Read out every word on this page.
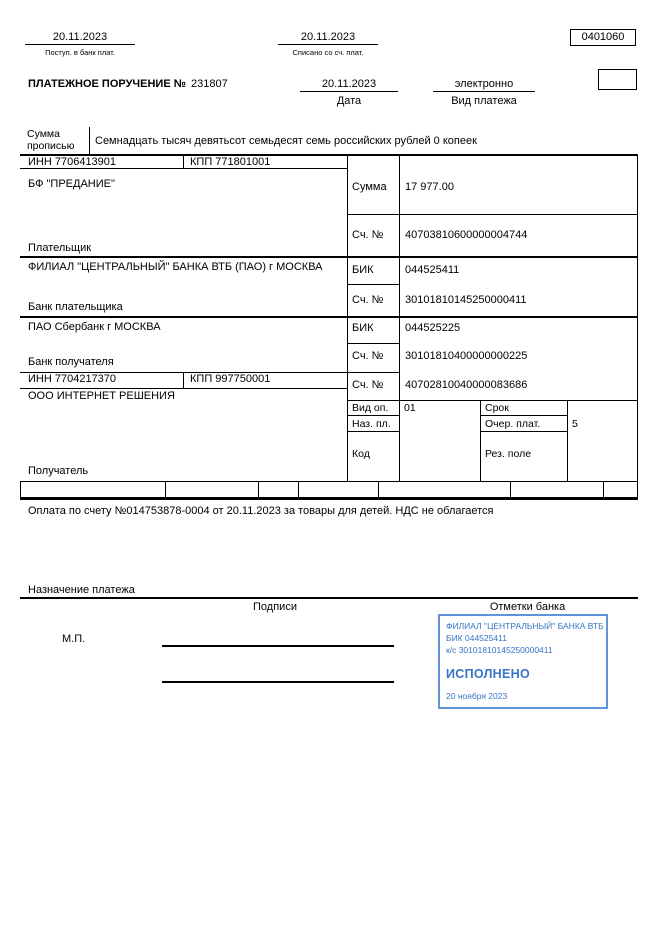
20.11.2023
Поступ. в банк плат.
20.11.2023
Списано со сч. плат.
0401060
ПЛАТЕЖНОЕ ПОРУЧЕНИЕ № 231807	20.11.2023
Дата
электронно
Вид платежа
Сумма прописью	Семнадцать тысяч девятьсот семьдесят семь российских рублей 0 копеек
ИНН 7706413901	КПП 771801001
БФ "ПРЕДАНИЕ"
Плательщик
Сумма 17 977.00
Сч. № 40703810600000004744
ФИЛИАЛ "ЦЕНТРАЛЬНЫЙ" БАНКА ВТБ (ПАО) г МОСКВА
Банк плательщика
БИК	044525411
Сч. № 30101810145250000411
ПАО Сбербанк г МОСКВА
Банк получателя
БИК	044525225
Сч. № 30101810400000000225
ИНН 7704217370	КПП 997750001
ООО ИНТЕРНЕТ РЕШЕНИЯ
Получатель
Сч. № 40702810040000083686
Вид оп. 01	Срок
Наз. пл.	Очер. плат.	5
Код	Рез. поле
Оплата по счету №014753878-0004 от 20.11.2023 за товары для детей. НДС не облагается
Назначение платежа
Подписи	Отметки банка
М.П.
ФИЛИАЛ "ЦЕНТРАЛЬНЫЙ" БАНКА ВТБ
БИК 044525411
к/с 30101810145250000411
ИСПОЛНЕНО
20 ноября 2023
